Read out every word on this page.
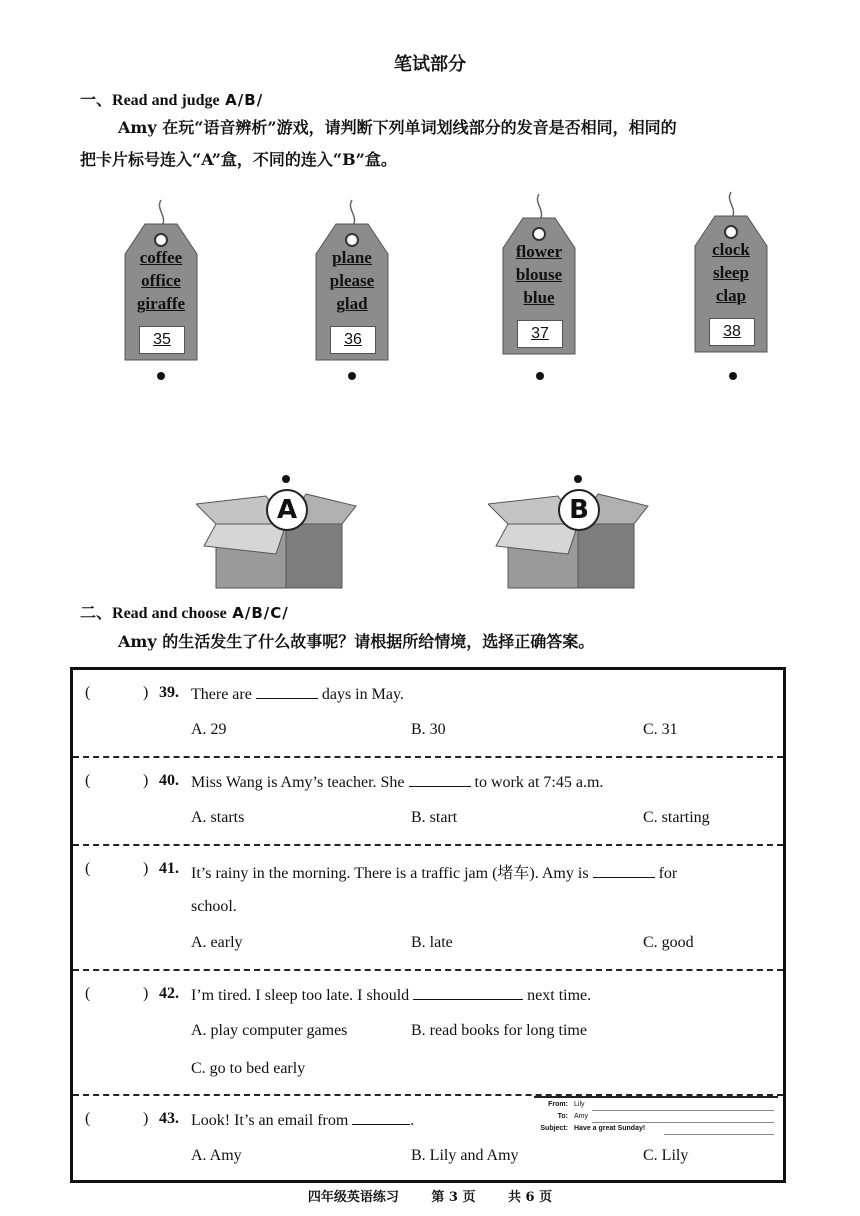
笔试部分
一、Read and judge A/B/
Amy 在玩“语音辨析”游戏，请判断下列单词划线部分的发音是否相同，相同的
把卡片标号连入“A”盒，不同的连入“B”盒。
coffee
office
giraffe
35
plane
please
glad
36
flower
blouse
blue
37
clock
sleep
clap
38
A	B
二、Read and choose A/B/C/
Amy 的生活发生了什么故事呢？请根据所给情境，选择正确答案。
(	) 39. There are	days in May.
A. 29	B. 30	C. 31
(	) 40. Miss Wang is Amy’s teacher. She	to work at 7:45 a.m.
A. starts	B. start	C. starting
(	) 41. It’s rainy in the morning. There is a traffic jam (堵车). Amy is	for
school.
A. early	B. late	C. good
(	) 42. I’m tired. I sleep too late. I should	next time.
A. play computer games	B. read books for long time
C. go to bed early
(	) 43. Look! It’s an email from	.
A. Amy	B. Lily and Amy	C. Lily
From: Lily
To: Amy
Subject: Have a great Sunday!
四年级英语练习	第 3 页	共 6 页
